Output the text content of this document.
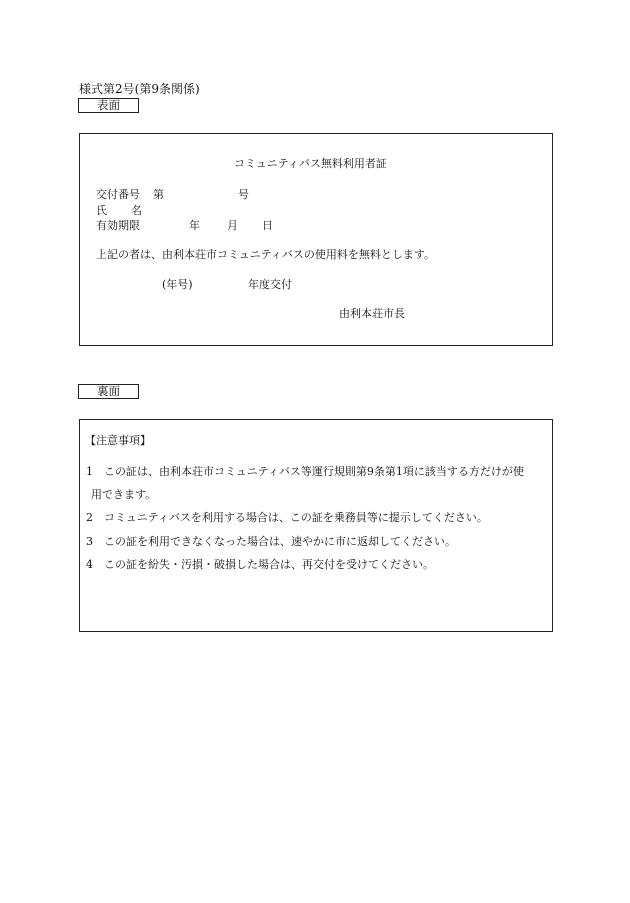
様式第2号(第9条関係)
表面
コミュニティバス無料利用者証
交付番号 第	号
氏 名
有効期限	年 月 日
上記の者は、由利本荘市コミュニティバスの使用料を無料とします。
(年号)	年度交付
由利本荘市長
裏面
【注意事項】
1 この証は、由利本荘市コミュニティバス等運行規則第9条第1項に該当する方だけが使
用できます。
2 コミュニティバスを利用する場合は、この証を乗務員等に提示してください。
3 この証を利用できなくなった場合は、速やかに市に返却してください。
4 この証を紛失・汚損・破損した場合は、再交付を受けてください。
